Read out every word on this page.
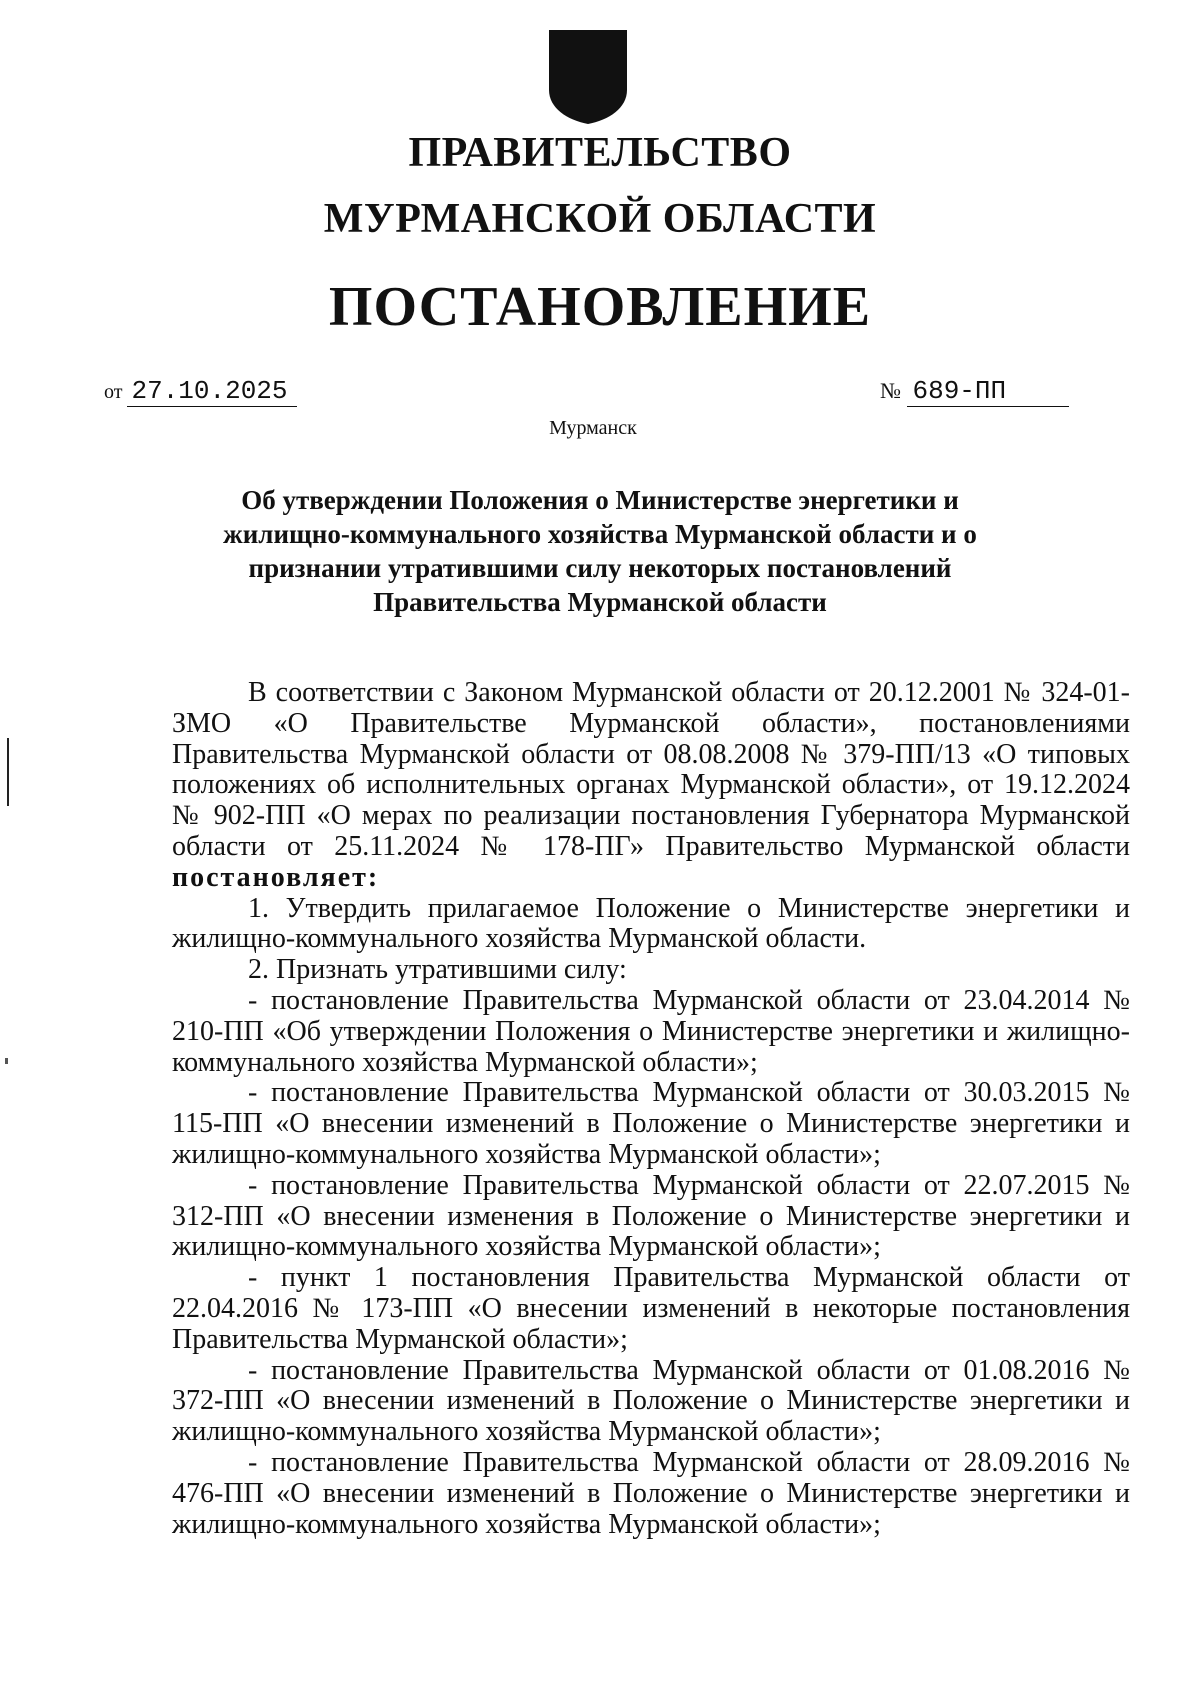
ПРАВИТЕЛЬСТВО
МУРМАНСКОЙ ОБЛАСТИ
ПОСТАНОВЛЕНИЕ
от 27.10.2025	№ 689-ПП
Мурманск
Об утверждении Положения о Министерстве энергетики и жилищно-коммунального хозяйства Мурманской области и о признании утратившими силу некоторых постановлений Правительства Мурманской области

В соответствии с Законом Мурманской области от 20.12.2001 № 324-01-ЗМО «О Правительстве Мурманской области», постановлениями Правительства Мурманской области от 08.08.2008 № 379-ПП/13 «О типовых положениях об исполнительных органах Мурманской области», от 19.12.2024 № 902-ПП «О мерах по реализации постановления Губернатора Мурманской области от 25.11.2024 № 178-ПГ» Правительство Мурманской области постановляет:

1. Утвердить прилагаемое Положение о Министерстве энергетики и жилищно-коммунального хозяйства Мурманской области.

2. Признать утратившими силу:

- постановление Правительства Мурманской области от 23.04.2014 № 210-ПП «Об утверждении Положения о Министерстве энергетики и жилищно-коммунального хозяйства Мурманской области»;

- постановление Правительства Мурманской области от 30.03.2015 № 115-ПП «О внесении изменений в Положение о Министерстве энергетики и жилищно-коммунального хозяйства Мурманской области»;

- постановление Правительства Мурманской области от 22.07.2015 № 312-ПП «О внесении изменения в Положение о Министерстве энергетики и жилищно-коммунального хозяйства Мурманской области»;

- пункт 1 постановления Правительства Мурманской области от 22.04.2016 № 173-ПП «О внесении изменений в некоторые постановления Правительства Мурманской области»;

- постановление Правительства Мурманской области от 01.08.2016 № 372-ПП «О внесении изменений в Положение о Министерстве энергетики и жилищно-коммунального хозяйства Мурманской области»;

- постановление Правительства Мурманской области от 28.09.2016 № 476-ПП «О внесении изменений в Положение о Министерстве энергетики и жилищно-коммунального хозяйства Мурманской области»;
